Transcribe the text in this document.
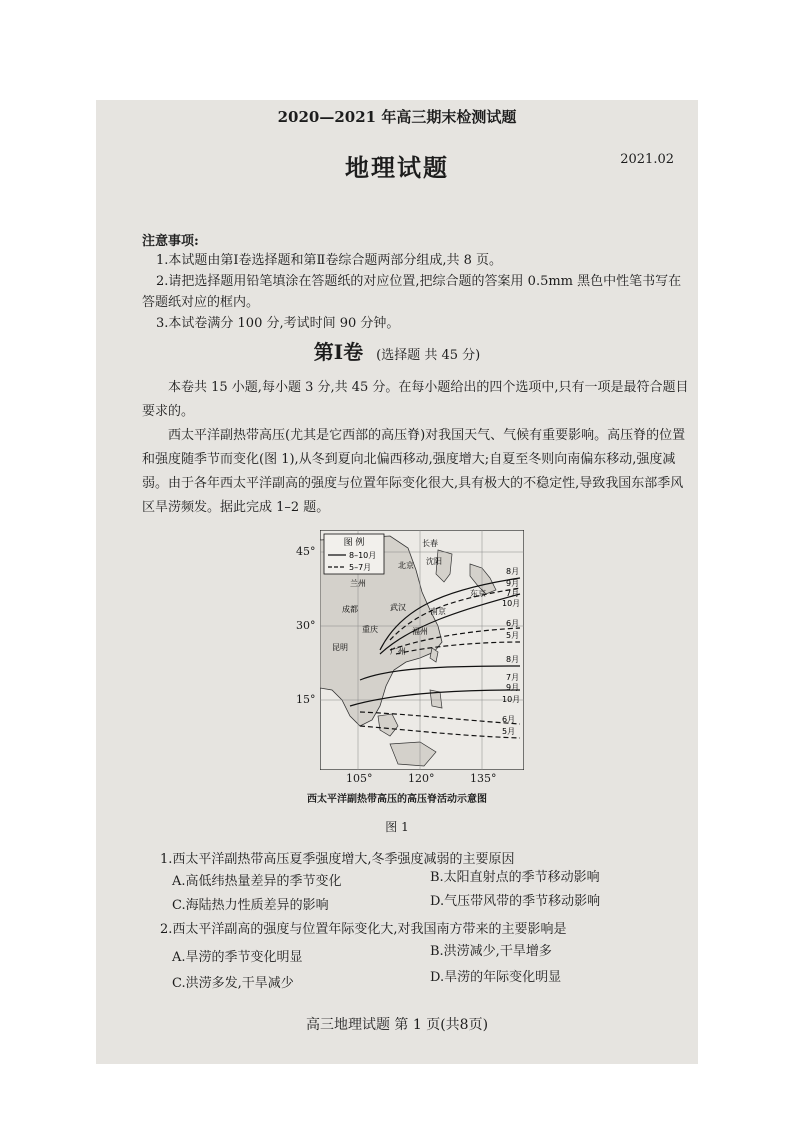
2020—2021 年高三期末检测试题
地理试题	2021.02
注意事项:

1.本试题由第Ⅰ卷选择题和第Ⅱ卷综合题两部分组成,共 8 页。

2.请把选择题用铅笔填涂在答题纸的对应位置,把综合题的答案用 0.5mm 黑色中性笔书写在答题纸对应的框内。

3.本试卷满分 100 分,考试时间 90 分钟。

第Ⅰ卷 (选择题 共 45 分)

本卷共 15 小题,每小题 3 分,共 45 分。在每小题给出的四个选项中,只有一项是最符合题目要求的。

西太平洋副热带高压(尤其是它西部的高压脊)对我国天气、气候有重要影响。高压脊的位置和强度随季节而变化(图 1),从冬到夏向北偏西移动,强度增大;自夏至冬则向南偏东移动,强度减弱。由于各年西太平洋副高的强度与位置年际变化很大,具有极大的不稳定性,导致我国东部季风区旱涝频发。据此完成 1–2 题。

图 例
8–10月
5–7月
长春
沈阳
北京
兰州
东京
南京
武汉
成都
重庆	福州
昆明	广州
8月
9月
7月
10月
6月
5月
8月
7月
9月
10月
6月
5月
45°
30°
15°
105°	120°	135°
西太平洋副热带高压的高压脊活动示意图
图 1
1.西太平洋副热带高压夏季强度增大,冬季强度减弱的主要原因
A.高低纬热量差异的季节变化	B.太阳直射点的季节移动影响
C.海陆热力性质差异的影响	D.气压带风带的季节移动影响
2.西太平洋副高的强度与位置年际变化大,对我国南方带来的主要影响是
A.旱涝的季节变化明显	B.洪涝减少,干旱增多
C.洪涝多发,干旱减少	D.旱涝的年际变化明显
高三地理试题 第 1 页(共8页)
